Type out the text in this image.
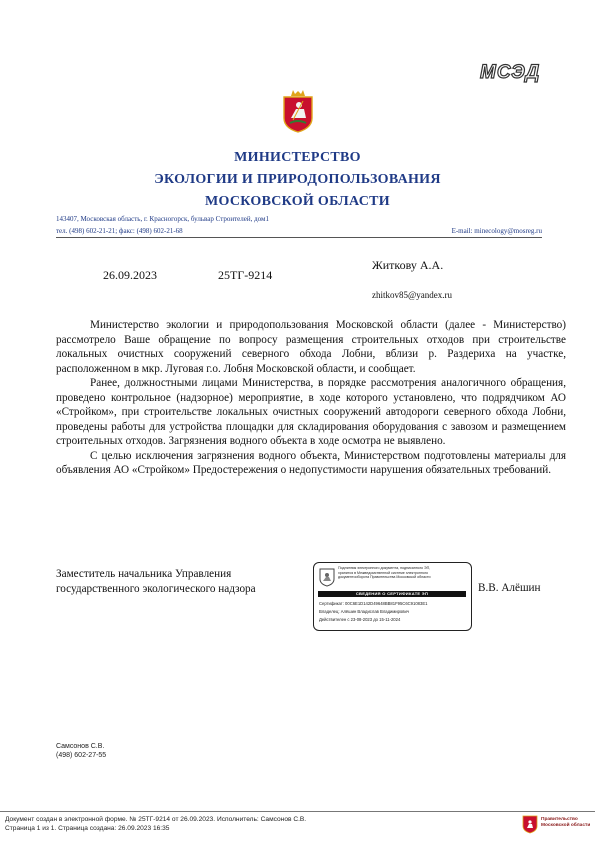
МСЭД
МИНИСТЕРСТВО
ЭКОЛОГИИ И ПРИРОДОПОЛЬЗОВАНИЯ
МОСКОВСКОЙ ОБЛАСТИ
143407, Московская область, г. Красногорск, бульвар Строителей, дом1
тел. (498) 602-21-21; факс: (498) 602-21-68	E-mail: minecology@mosreg.ru
26.09.2023	25ТГ-9214
Житкову А.А.
zhitkov85@yandex.ru

Министерство экологии и природопользования Московской области (далее - Министерство) рассмотрело Ваше обращение по вопросу размещения строительных отходов при строительстве локальных очистных сооружений северного обхода Лобни, вблизи р. Раздериха на участке, расположенном в мкр. Луговая г.о. Лобня Московской области, и сообщает.

Ранее, должностными лицами Министерства, в порядке рассмотрения аналогичного обращения, проведено контрольное (надзорное) мероприятие, в ходе которого установлено, что подрядчиком АО «Стройком», при строительстве локальных очистных сооружений автодороги северного обхода Лобни, проведены работы для устройства площадки для складирования оборудования с завозом и размещением строительных отходов. Загрязнения водного объекта в ходе осмотра не выявлено.

С целью исключения загрязнения водного объекта, Министерством подготовлены материалы для объявления АО «Стройком» Предостережения о недопустимости нарушения обязательных требований.

Заместитель начальника Управления
государственного экологического надзора	В.В. Алёшин
Подлинник электронного документа, подписанного ЭП,
хранится в Межведомственной системе электронного
документооборота Правительства Московской области
СВЕДЕНИЯ О СЕРТИФИКАТЕ ЭП
Сертификат: 00C6E1D142D49648BB81F95C6C91083E1
Владелец: Алёшин Владислав Владимирович
Действителен с 23-08-2023 до 15-11-2024
Самсонов С.В.
(498) 602-27-55
Документ создан в электронной форме. № 25ТГ-9214 от 26.09.2023. Исполнитель: Самсонов С.В.
Страница 1 из 1. Страница создана: 26.09.2023 16:35
Правительство
Московской области
